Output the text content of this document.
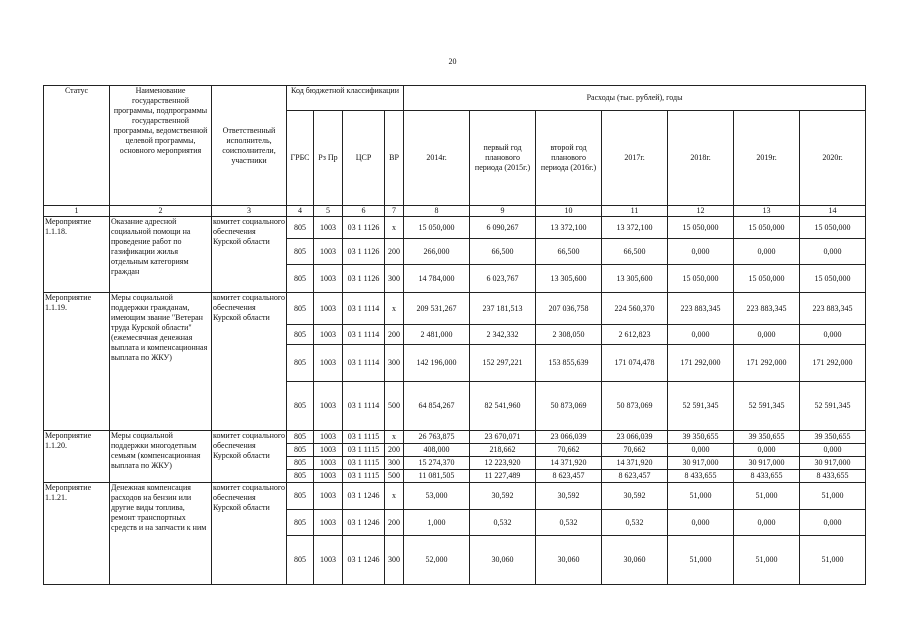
20
Статус	Наименование государственной программы, подпрограммы государственной программы, ведомственной целевой программы, основного мероприятия	Ответственный исполнитель, соисполнители, участники	Код бюджетной классификации				Расходы (тыс. рублей), годы						
			ГРБС	Рз Пр	ЦСР	ВР	2014г.	первый год планового периода (2015г.)	второй год планового периода (2016г.)	2017г.	2018г.	2019г.	2020г.
1	2	3	4	5	6	7	8	9	10	11	12	13	14
Мероприятие 1.1.18.	Оказание адресной социальной помощи на проведение работ по газификации жилья отдельным категориям граждан	комитет социального обеспечения Курской области	805	1003	03 1 1126	x	15 050,000	6 090,267	13 372,100	13 372,100	15 050,000	15 050,000	15 050,000
			805	1003	03 1 1126	200	266,000	66,500	66,500	66,500	0,000	0,000	0,000
			805	1003	03 1 1126	300	14 784,000	6 023,767	13 305,600	13 305,600	15 050,000	15 050,000	15 050,000
Мероприятие 1.1.19.	Меры социальной поддержки гражданам, имеющим звание "Ветеран труда Курской области" (ежемесячная денежная выплата и компенсационная выплата по ЖКУ)	комитет социального обеспечения Курской области	805	1003	03 1 1114	x	209 531,267	237 181,513	207 036,758	224 560,370	223 883,345	223 883,345	223 883,345
			805	1003	03 1 1114	200	2 481,000	2 342,332	2 308,050	2 612,823	0,000	0,000	0,000
			805	1003	03 1 1114	300	142 196,000	152 297,221	153 855,639	171 074,478	171 292,000	171 292,000	171 292,000
			805	1003	03 1 1114	500	64 854,267	82 541,960	50 873,069	50 873,069	52 591,345	52 591,345	52 591,345
Мероприятие 1.1.20.	Меры социальной поддержки многодетным семьям (компенсационная выплата по ЖКУ)	комитет социального обеспечения Курской области	805	1003	03 1 1115	x	26 763,875	23 670,071	23 066,039	23 066,039	39 350,655	39 350,655	39 350,655
			805	1003	03 1 1115	200	408,000	218,662	70,662	70,662	0,000	0,000	0,000
			805	1003	03 1 1115	300	15 274,370	12 223,920	14 371,920	14 371,920	30 917,000	30 917,000	30 917,000
			805	1003	03 1 1115	500	11 081,505	11 227,489	8 623,457	8 623,457	8 433,655	8 433,655	8 433,655
Мероприятие 1.1.21.	Денежная компенсация расходов на бензин или другие виды топлива, ремонт транспортных средств и на запчасти к ним	комитет социального обеспечения Курской области	805	1003	03 1 1246	x	53,000	30,592	30,592	30,592	51,000	51,000	51,000
			805	1003	03 1 1246	200	1,000	0,532	0,532	0,532	0,000	0,000	0,000
			805	1003	03 1 1246	300	52,000	30,060	30,060	30,060	51,000	51,000	51,000
